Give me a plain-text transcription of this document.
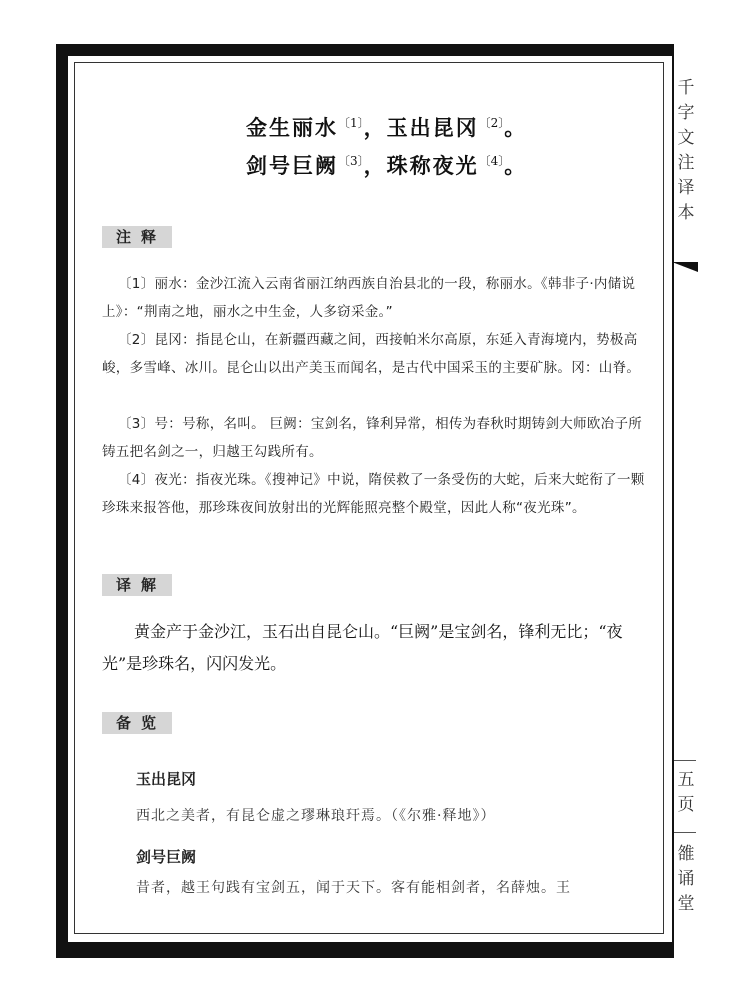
千字文注译本
五页
雒诵堂
金生丽水$^{〔1〕}$，玉出昆冈$^{〔2〕}$。
剑号巨阙$^{〔3〕}$，珠称夜光$^{〔4〕}$。
注释
〔1〕丽水：金沙江流入云南省丽江纳西族自治县北的一段，称丽水。《韩非子·内储说上》：“荆南之地，丽水之中生金，人多窃采金。”
〔2〕昆冈：指昆仑山，在新疆西藏之间，西接帕米尔高原，东延入青海境内，势极高峻，多雪峰、冰川。昆仑山以出产美玉而闻名，是古代中国采玉的主要矿脉。冈：山脊。
〔3〕号：号称，名叫。 巨阙：宝剑名，锋利异常，相传为春秋时期铸剑大师欧冶子所铸五把名剑之一，归越王勾践所有。
〔4〕夜光：指夜光珠。《搜神记》中说，隋侯救了一条受伤的大蛇，后来大蛇衔了一颗珍珠来报答他，那珍珠夜间放射出的光辉能照亮整个殿堂，因此人称“夜光珠”。
译解
黄金产于金沙江，玉石出自昆仑山。“巨阙”是宝剑名，锋利无比；“夜光”是珍珠名，闪闪发光。
备览
玉出昆冈
西北之美者，有昆仑虚之璆琳琅玕焉。（《尔雅·释地》）
剑号巨阙
昔者，越王句践有宝剑五，闻于天下。客有能相剑者，名薛烛。王
